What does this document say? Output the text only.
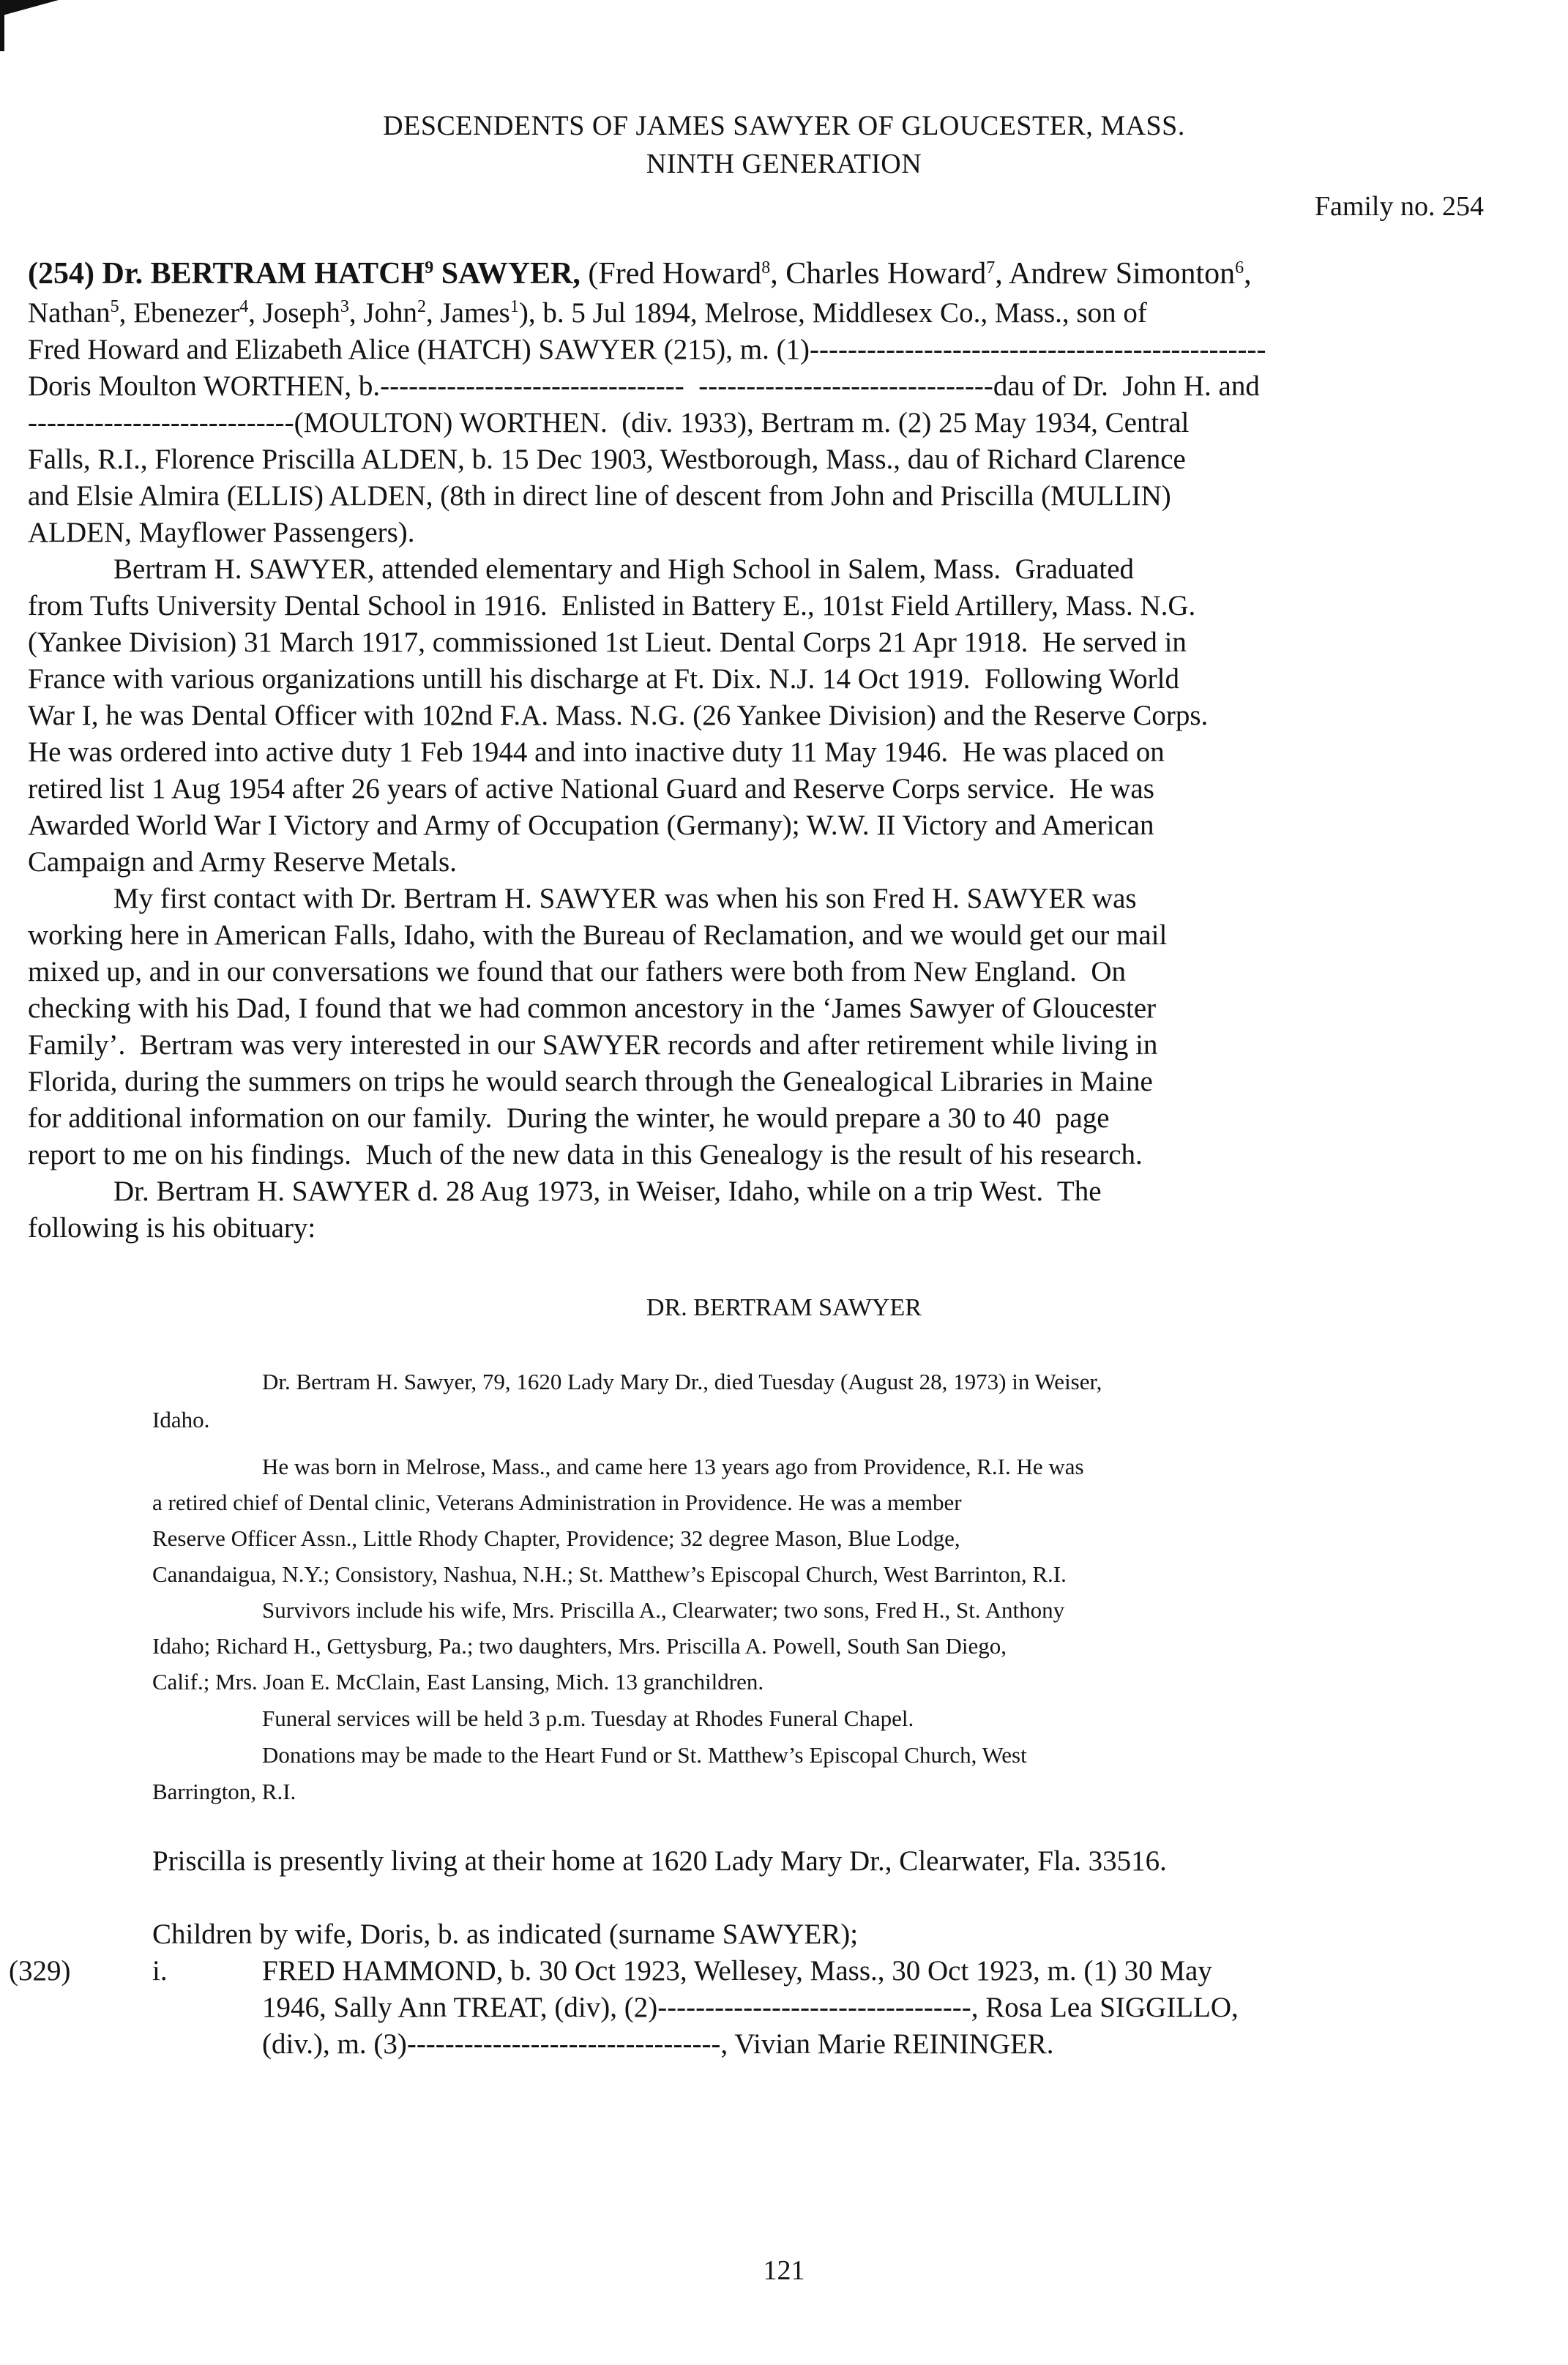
DESCENDENTS OF JAMES SAWYER OF GLOUCESTER, MASS.
NINTH GENERATION
Family no. 254
(254) Dr. BERTRAM HATCH$^9$ SAWYER, (Fred Howard$^8$, Charles Howard$^7$, Andrew Simonton$^6$,
Nathan$^5$, Ebenezer$^4$, Joseph$^3$, John$^2$, James$^1$), b. 5 Jul 1894, Melrose, Middlesex Co., Mass., son of
Fred Howard and Elizabeth Alice (HATCH) SAWYER (215), m. (1)------------------------------------------------
Doris Moulton WORTHEN, b.--------------------------------  -------------------------------dau of Dr.  John H. and
----------------------------(MOULTON) WORTHEN.  (div. 1933), Bertram m. (2) 25 May 1934, Central
Falls, R.I., Florence Priscilla ALDEN, b. 15 Dec 1903, Westborough, Mass., dau of Richard Clarence
and Elsie Almira (ELLIS) ALDEN, (8th in direct line of descent from John and Priscilla (MULLIN)
ALDEN, Mayflower Passengers).
Bertram H. SAWYER, attended elementary and High School in Salem, Mass.  Graduated
from Tufts University Dental School in 1916.  Enlisted in Battery E., 101st Field Artillery, Mass. N.G.
(Yankee Division) 31 March 1917, commissioned 1st Lieut. Dental Corps 21 Apr 1918.  He served in
France with various organizations untill his discharge at Ft. Dix. N.J. 14 Oct 1919.  Following World
War I, he was Dental Officer with 102nd F.A. Mass. N.G. (26 Yankee Division) and the Reserve Corps.
He was ordered into active duty 1 Feb 1944 and into inactive duty 11 May 1946.  He was placed on
retired list 1 Aug 1954 after 26 years of active National Guard and Reserve Corps service.  He was
Awarded World War I Victory and Army of Occupation (Germany); W.W. II Victory and American
Campaign and Army Reserve Metals.
My first contact with Dr. Bertram H. SAWYER was when his son Fred H. SAWYER was
working here in American Falls, Idaho, with the Bureau of Reclamation, and we would get our mail
mixed up, and in our conversations we found that our fathers were both from New England.  On
checking with his Dad, I found that we had common ancestory in the ‘James Sawyer of Gloucester
Family’.  Bertram was very interested in our SAWYER records and after retirement while living in
Florida, during the summers on trips he would search through the Genealogical Libraries in Maine
for additional information on our family.  During the winter, he would prepare a 30 to 40  page
report to me on his findings.  Much of the new data in this Genealogy is the result of his research.
Dr. Bertram H. SAWYER d. 28 Aug 1973, in Weiser, Idaho, while on a trip West.  The
following is his obituary:
DR. BERTRAM SAWYER
Dr. Bertram H. Sawyer, 79, 1620 Lady Mary Dr., died Tuesday (August 28, 1973) in Weiser,
Idaho.
He was born in Melrose, Mass., and came here 13 years ago from Providence, R.I. He was
a retired chief of Dental clinic, Veterans Administration in Providence. He was a member
Reserve Officer Assn., Little Rhody Chapter, Providence; 32 degree Mason, Blue Lodge,
Canandaigua, N.Y.; Consistory, Nashua, N.H.; St. Matthew’s Episcopal Church, West Barrinton, R.I.
Survivors include his wife, Mrs. Priscilla A., Clearwater; two sons, Fred H., St. Anthony
Idaho; Richard H., Gettysburg, Pa.; two daughters, Mrs. Priscilla A. Powell, South San Diego,
Calif.; Mrs. Joan E. McClain, East Lansing, Mich. 13 granchildren.
Funeral services will be held 3 p.m. Tuesday at Rhodes Funeral Chapel.
Donations may be made to the Heart Fund or St. Matthew’s Episcopal Church, West
Barrington, R.I.
Priscilla is presently living at their home at 1620 Lady Mary Dr., Clearwater, Fla. 33516.
Children by wife, Doris, b. as indicated (surname SAWYER);
(329)	i.	FRED HAMMOND, b. 30 Oct 1923, Wellesey, Mass., 30 Oct 1923, m. (1) 30 May
1946, Sally Ann TREAT, (div), (2)---------------------------------, Rosa Lea SIGGILLO,
(div.), m. (3)---------------------------------, Vivian Marie REININGER.
121
